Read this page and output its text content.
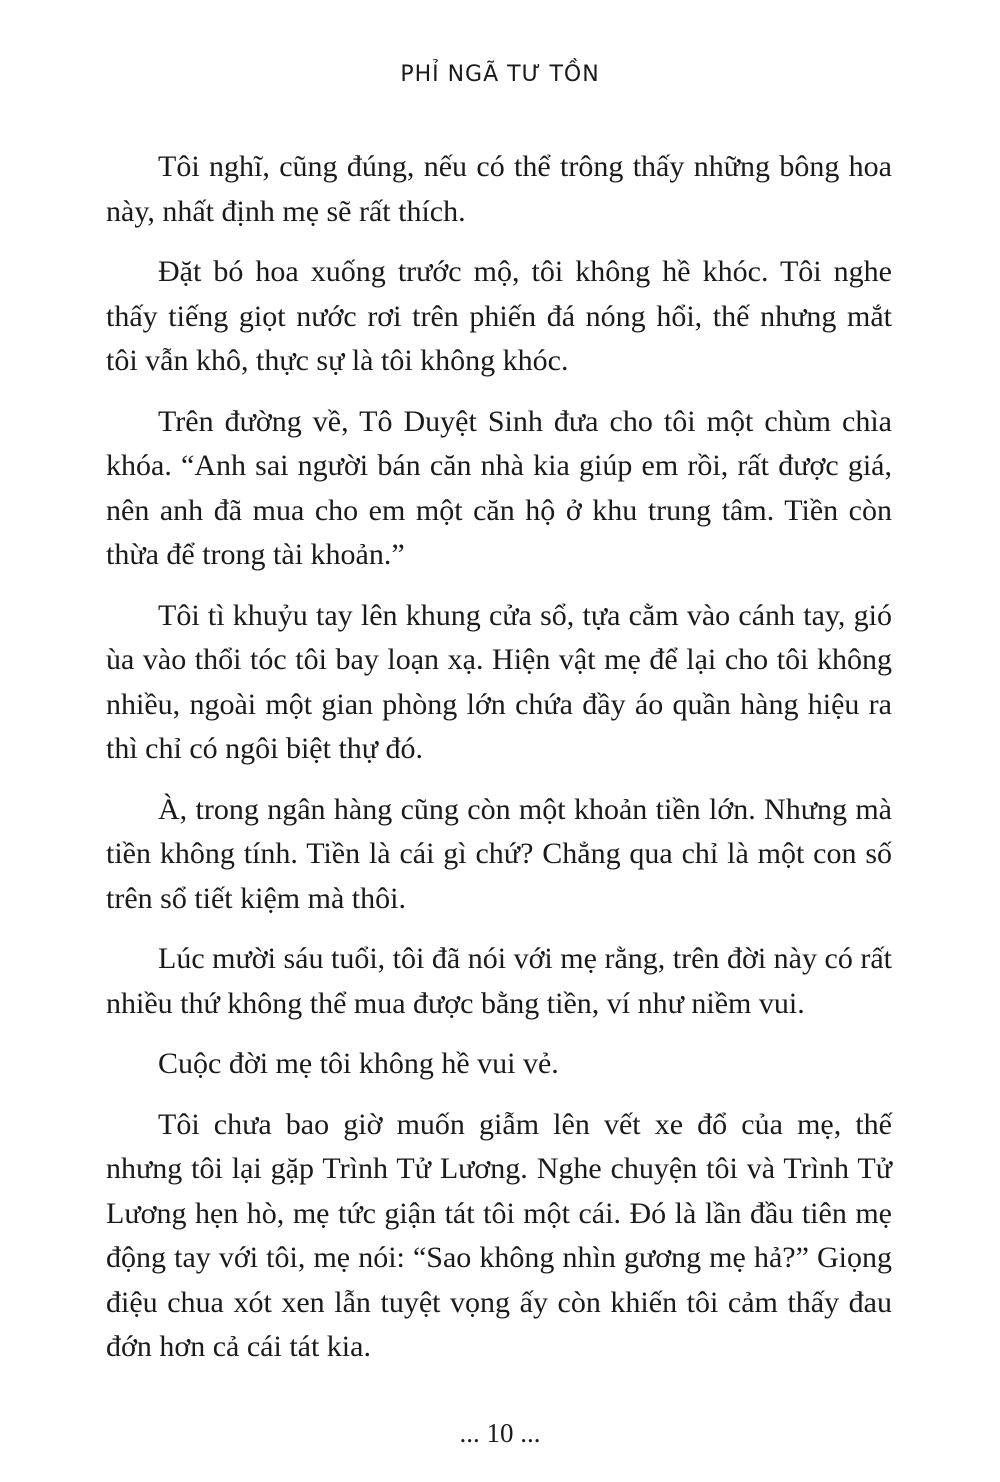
PHỈ NGÃ TƯ TỒN

Tôi nghĩ, cũng đúng, nếu có thể trông thấy những bông hoa này, nhất định mẹ sẽ rất thích.

Đặt bó hoa xuống trước mộ, tôi không hề khóc. Tôi nghe thấy tiếng giọt nước rơi trên phiến đá nóng hổi, thế nhưng mắt tôi vẫn khô, thực sự là tôi không khóc.

Trên đường về, Tô Duyệt Sinh đưa cho tôi một chùm chìa khóa. “Anh sai người bán căn nhà kia giúp em rồi, rất được giá, nên anh đã mua cho em một căn hộ ở khu trung tâm. Tiền còn thừa để trong tài khoản.”

Tôi tì khuỷu tay lên khung cửa sổ, tựa cằm vào cánh tay, gió ùa vào thổi tóc tôi bay loạn xạ. Hiện vật mẹ để lại cho tôi không nhiều, ngoài một gian phòng lớn chứa đầy áo quần hàng hiệu ra thì chỉ có ngôi biệt thự đó.

À, trong ngân hàng cũng còn một khoản tiền lớn. Nhưng mà tiền không tính. Tiền là cái gì chứ? Chẳng qua chỉ là một con số trên sổ tiết kiệm mà thôi.

Lúc mười sáu tuổi, tôi đã nói với mẹ rằng, trên đời này có rất nhiều thứ không thể mua được bằng tiền, ví như niềm vui.

Cuộc đời mẹ tôi không hề vui vẻ.

Tôi chưa bao giờ muốn giẫm lên vết xe đổ của mẹ, thế nhưng tôi lại gặp Trình Tử Lương. Nghe chuyện tôi và Trình Tử Lương hẹn hò, mẹ tức giận tát tôi một cái. Đó là lần đầu tiên mẹ động tay với tôi, mẹ nói: “Sao không nhìn gương mẹ hả?” Giọng điệu chua xót xen lẫn tuyệt vọng ấy còn khiến tôi cảm thấy đau đớn hơn cả cái tát kia.

... 10 ...
